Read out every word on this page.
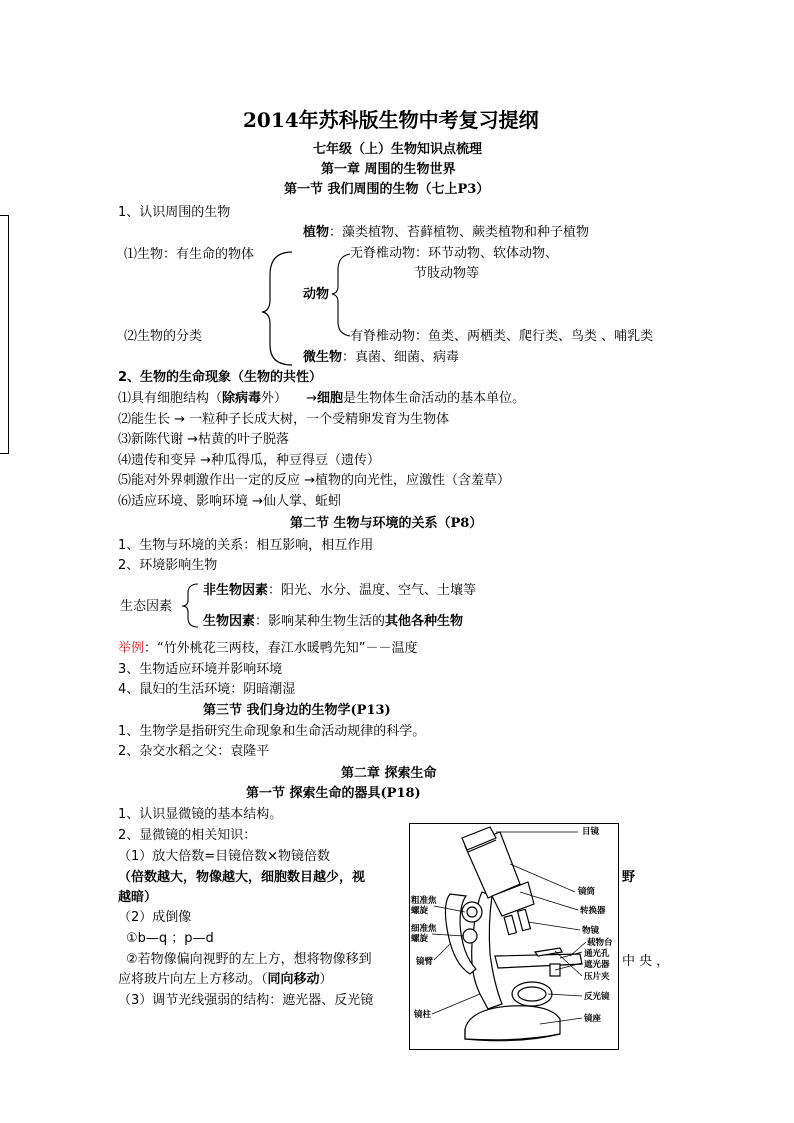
2014年苏科版生物中考复习提纲
七年级（上）生物知识点梳理
第一章 周围的生物世界
第一节 我们周围的生物（七上P3）
1、认识周围的生物
植物：藻类植物、苔藓植物、蕨类植物和种子植物
⑴生物：有生命的物体	无脊椎动物：环节动物、软体动物、
节肢动物等
动物
⑵生物的分类	有脊椎动物：鱼类、两栖类、爬行类、鸟类 、哺乳类
微生物：真菌、细菌、病毒
2、生物的生命现象（生物的共性）
⑴具有细胞结构（除病毒外） →细胞是生物体生命活动的基本单位。
⑵能生长 → 一粒种子长成大树，一个受精卵发育为生物体
⑶新陈代谢 →枯黄的叶子脱落
⑷遗传和变异 →种瓜得瓜，种豆得豆（遗传）
⑸能对外界刺激作出一定的反应 →植物的向光性，应激性（含羞草）
⑹适应环境、影响环境 →仙人掌、蚯蚓
第二节 生物与环境的关系（P8）
1、生物与环境的关系：相互影响，相互作用
2、环境影响生物
非生物因素：阳光、水分、温度、空气、土壤等
生态因素
生物因素：影响某种生物生活的其他各种生物
举例：“竹外桃花三两枝，春江水暖鸭先知”－－温度
3、生物适应环境并影响环境
4、鼠妇的生活环境：阴暗潮湿
第三节 我们身边的生物学(P13)
1、生物学是指研究生命现象和生命活动规律的科学。
2、杂交水稻之父：袁隆平
第二章 探索生命
第一节 探索生命的器具(P18)
1、认识显微镜的基本结构。
2、显微镜的相关知识：
（1）放大倍数=目镜倍数×物镜倍数
（倍数越大，物像越大，细胞数目越少，视	野
越暗）
（2）成倒像
①b—q ；p—d
②若物像偏向视野的左上方，想将物像移到	中 央 ，
应将玻片向左上方移动。（同向移动）
（3）调节光线强弱的结构：遮光器、反光镜
目镜
镜筒
转换器
物镜
载物台
通光孔
遮光器
压片夹
反光镜
镜座
粗准焦
螺旋
细准焦
螺旋
镜臂
镜柱
